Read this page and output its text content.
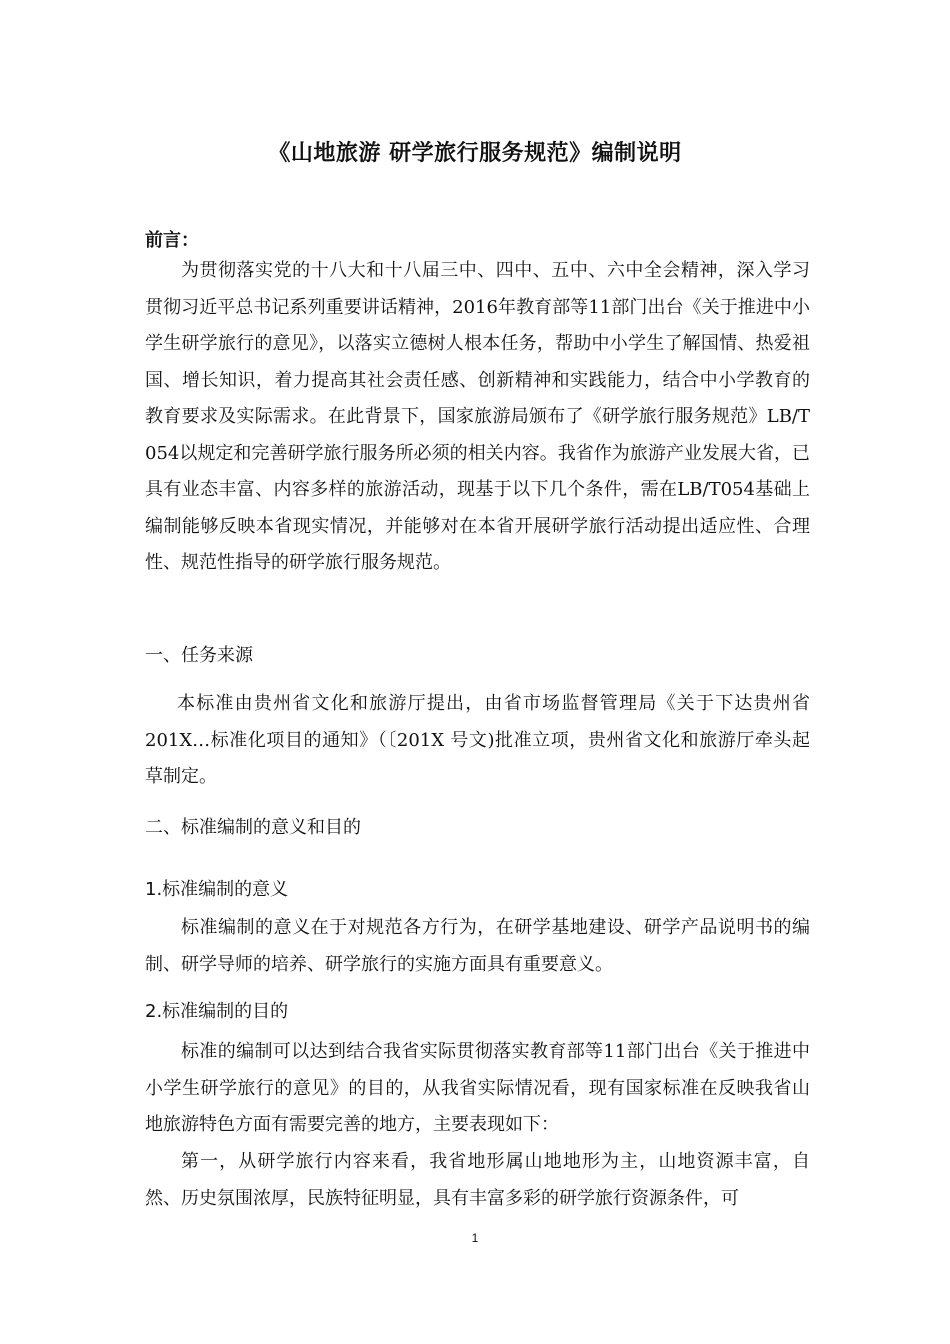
《山地旅游 研学旅行服务规范》编制说明
前言：

为贯彻落实党的十八大和十八届三中、四中、五中、六中全会精神，深入学习贯彻习近平总书记系列重要讲话精神，2016年教育部等11部门出台《关于推进中小学生研学旅行的意见》，以落实立德树人根本任务，帮助中小学生了解国情、热爱祖国、增长知识，着力提高其社会责任感、创新精神和实践能力，结合中小学教育的教育要求及实际需求。在此背景下，国家旅游局颁布了《研学旅行服务规范》LB/T 054以规定和完善研学旅行服务所必须的相关内容。我省作为旅游产业发展大省，已具有业态丰富、内容多样的旅游活动，现基于以下几个条件，需在LB/T054基础上编制能够反映本省现实情况，并能够对在本省开展研学旅行活动提出适应性、合理性、规范性指导的研学旅行服务规范。

一、任务来源

本标准由贵州省文化和旅游厅提出，由省市场监督管理局《关于下达贵州省201X…标准化项目的通知》（〔201X 号文)批准立项，贵州省文化和旅游厅牵头起草制定。

二、标准编制的意义和目的
1.标准编制的意义

标准编制的意义在于对规范各方行为，在研学基地建设、研学产品说明书的编制、研学导师的培养、研学旅行的实施方面具有重要意义。

2.标准编制的目的

标准的编制可以达到结合我省实际贯彻落实教育部等11部门出台《关于推进中小学生研学旅行的意见》的目的，从我省实际情况看，现有国家标准在反映我省山地旅游特色方面有需要完善的地方，主要表现如下：

第一，从研学旅行内容来看，我省地形属山地地形为主，山地资源丰富，自然、历史氛围浓厚，民族特征明显，具有丰富多彩的研学旅行资源条件，可

1
